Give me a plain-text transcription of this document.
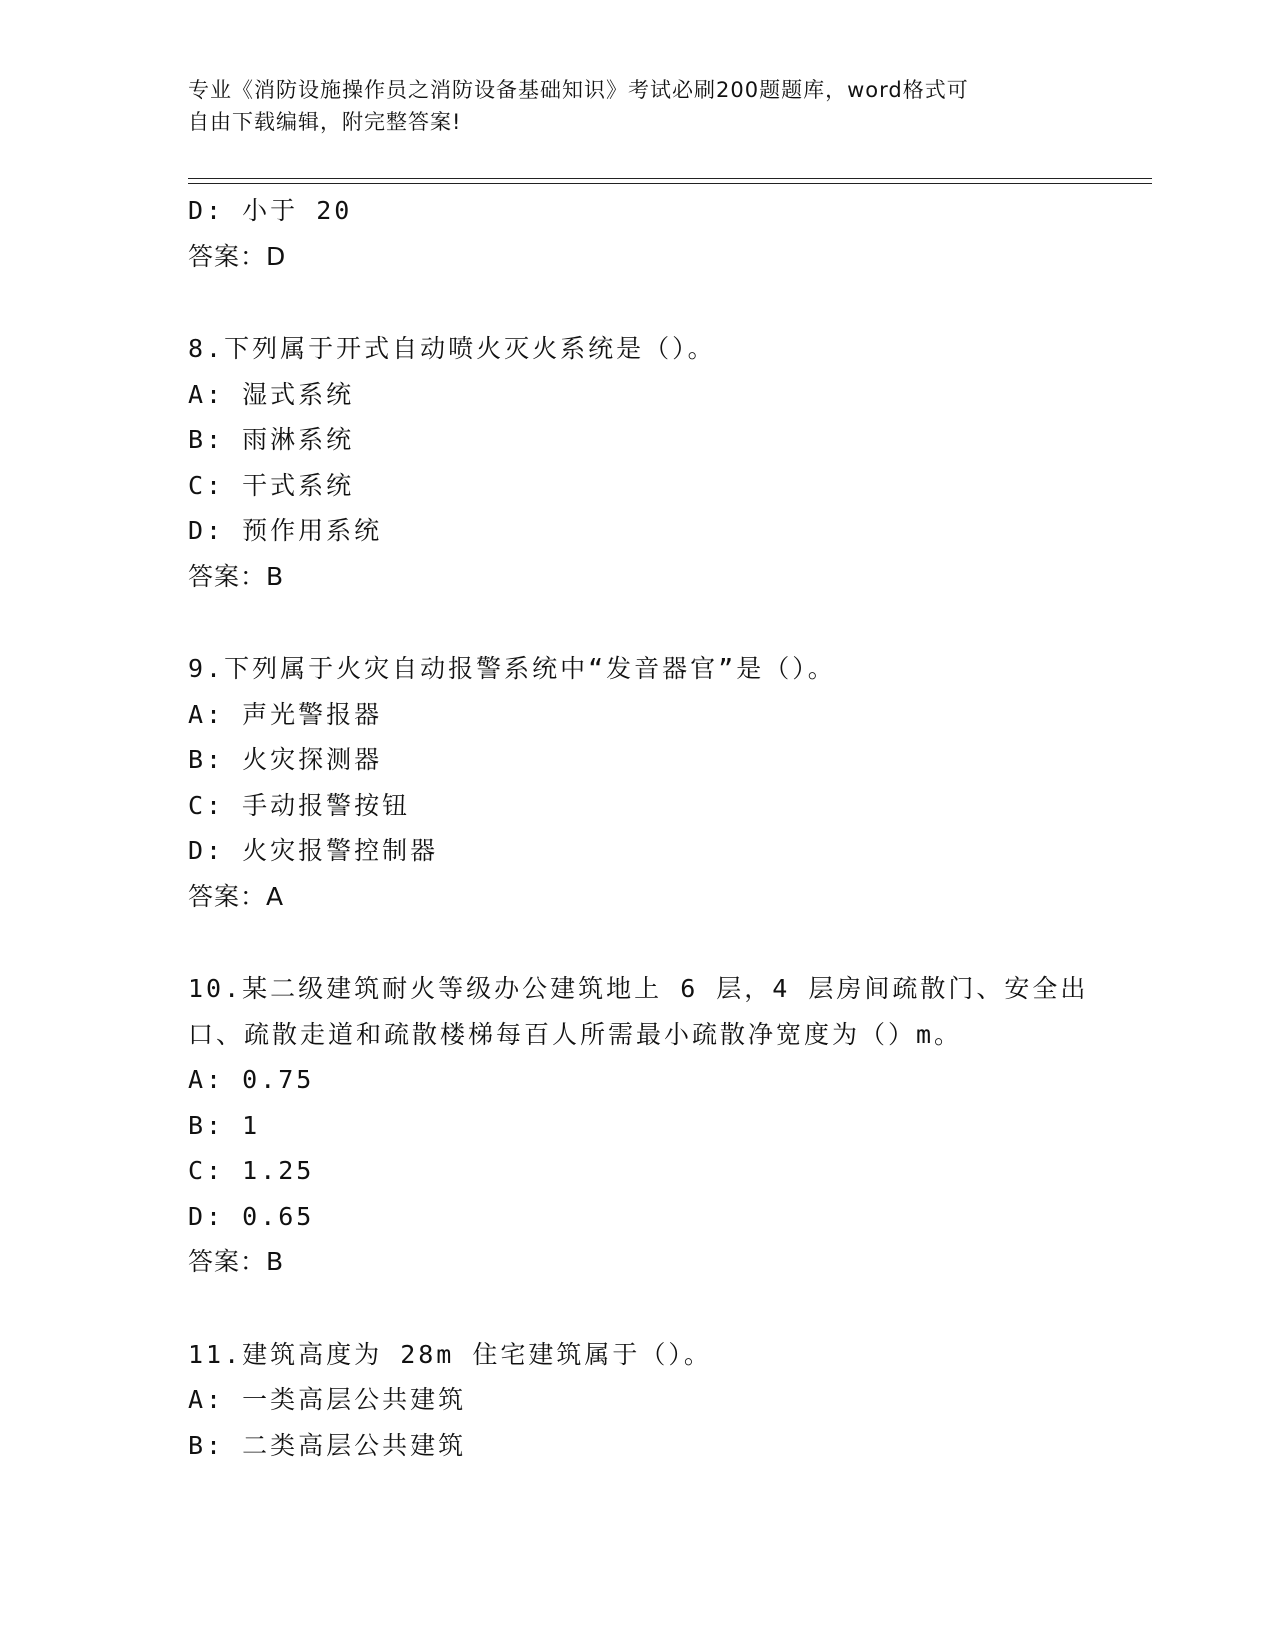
专业《消防设施操作员之消防设备基础知识》考试必刷200题题库，word格式可
自由下载编辑，附完整答案!
D: 小于 20
答案：D
8.下列属于开式自动喷火灭火系统是（）。
A: 湿式系统
B: 雨淋系统
C: 干式系统
D: 预作用系统
答案：B
9.下列属于火灾自动报警系统中“发音器官”是（）。
A: 声光警报器
B: 火灾探测器
C: 手动报警按钮
D: 火灾报警控制器
答案：A
10.某二级建筑耐火等级办公建筑地上 6 层，4 层房间疏散门、安全出
口、疏散走道和疏散楼梯每百人所需最小疏散净宽度为（）m。
A: 0.75
B: 1
C: 1.25
D: 0.65
答案：B
11.建筑高度为 28m 住宅建筑属于（）。
A: 一类高层公共建筑
B: 二类高层公共建筑
